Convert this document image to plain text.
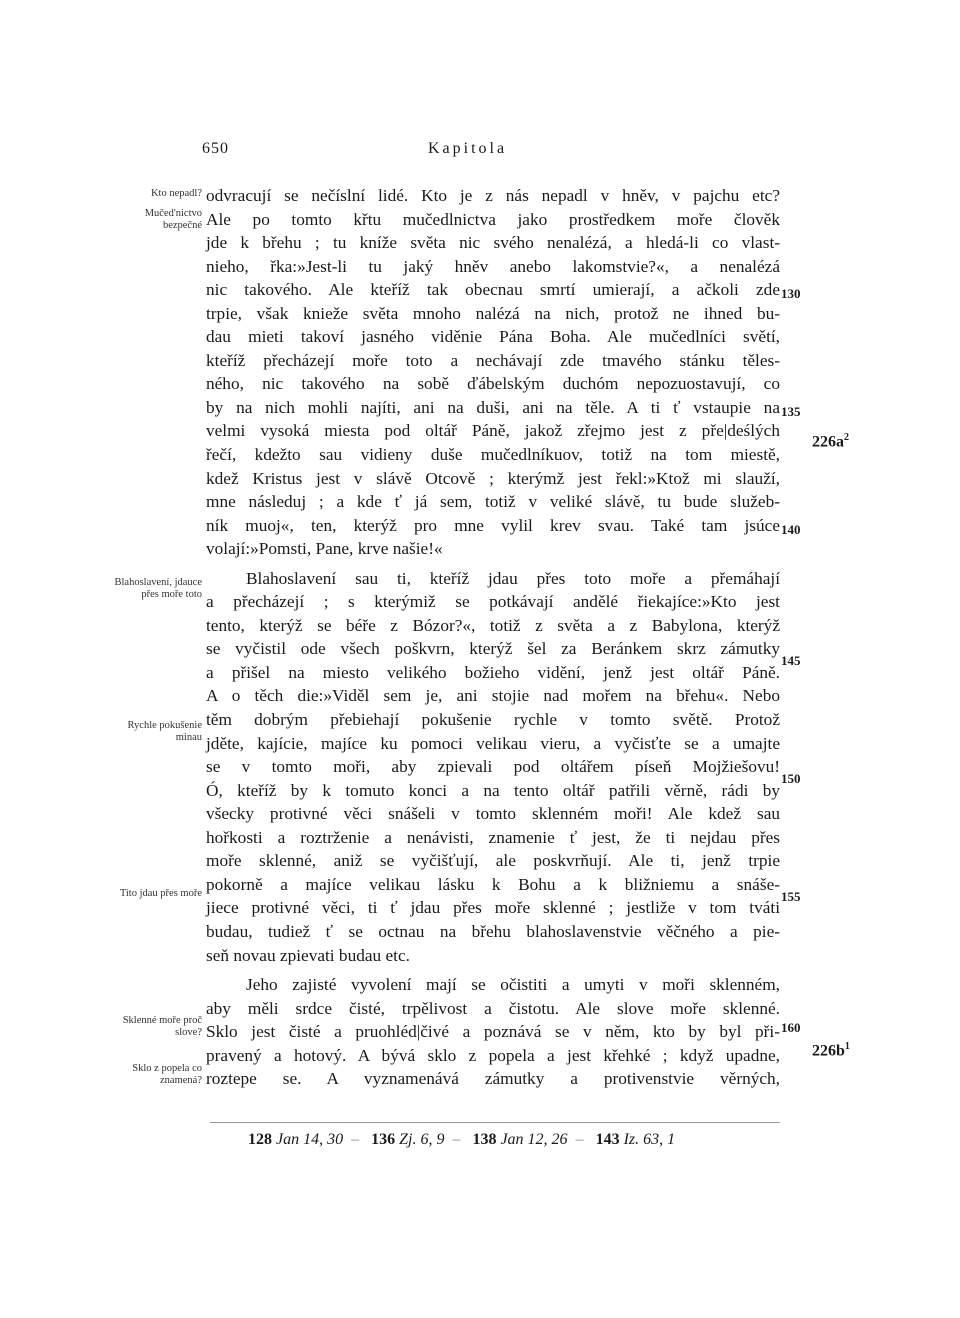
650	Kapitola
Kto nepadl?
Mučed'nictvo bezpečné
Blahoslavení, jdauce přes moře toto
Rychle pokušenie minau
Tito jdau přes moře
Sklenné moře proč slove?
Sklo z popela co znamená?
odvracují se nečíslní lidé. Kto je z nás nepadl v hněv, v pajchu etc?
Ale po tomto křtu mučedlnictva jako prostředkem moře člověk
jde k břehu ; tu kníže světa nic svého nenalézá, a hledá-li co vlast-
nieho, řka:»Jest-li tu jaký hněv anebo lakomstvie?«, a nenalézá
nic takového. Ale kteříž tak obecnau smrtí umierají, a ačkoli zde
trpie, však knieže světa mnoho nalézá na nich, protož ne ihned bu-
dau mieti takoví jasného viděnie Pána Boha. Ale mučedlníci světí,
kteříž přecházejí moře toto a nechávají zde tmavého stánku těles-
ného, nic takového na sobě ďábelským duchóm nepozuostavují, co
by na nich mohli najíti, ani na duši, ani na těle. A ti ť vstaupie na
velmi vysoká miesta pod oltář Páně, jakož zřejmo jest z pře|deślých
řečí, kdežto sau vidieny duše mučedlníkuov, totiž na tom miestě,
kdež Kristus jest v slávě Otcově ; kterýmž jest řekl:»Ktož mi slauží,
mne následuj ; a kde ť já sem, totiž v veliké slávě, tu bude služeb-
ník muoj«, ten, kterýž pro mne vylil krev svau. Také tam jsúce
volají:»Pomsti, Pane, krve našie!«
Blahoslavení sau ti, kteříž jdau přes toto moře a přemáhají
a přecházejí ; s kterýmiž se potkávají andělé řiekajíce:»Kto jest
tento, kterýž se béře z Bózor?«, totiž z světa a z Babylona, kterýž
se vyčistil ode všech poškvrn, kterýž šel za Beránkem skrz zámutky
a přišel na miesto velikého božieho vidění, jenž jest oltář Páně.
A o těch die:»Viděl sem je, ani stojie nad mořem na břehu«. Nebo
těm dobrým přebiehají pokušenie rychle v tomto světě. Protož
jděte, kajície, majíce ku pomoci velikau vieru, a vyčisťte se a umajte
se v tomto moři, aby zpievali pod oltářem píseň Mojžiešovu!
Ó, kteříž by k tomuto konci a na tento oltář patřili věrně, rádi by
všecky protivné věci snášeli v tomto sklenném moři! Ale kdež sau
hořkosti a roztrženie a nenávisti, znamenie ť jest, že ti nejdau přes
moře sklenné, aniž se vyčišťují, ale poskvrňují. Ale ti, jenž trpie
pokorně a majíce velikau lásku k Bohu a k bližniemu a snáše-
jiece protivné věci, ti ť jdau přes moře sklenné ; jestliže v tom tváti
budau, tudiež ť se octnau na břehu blahoslavenstvie věčného a pie-
seň novau zpievati budau etc.
Jeho zajisté vyvolení mají se očistiti a umyti v moři sklenném,
aby měli srdce čisté, trpělivost a čistotu. Ale slove moře sklenné.
Sklo jest čisté a pruohléd|čivé a poznává se v něm, kto by byl při-
pravený a hotový. A bývá sklo z popela a jest křehké ; když upadne,
roztepe se. A vyznamenává zámutky a protivenstvie věrných,
130
135
140
145
150
155
160
$226a^2$
$226b^1$
128 Jan 14, 30 – 136 Zj. 6, 9 – 138 Jan 12, 26 – 143 Iz. 63, 1
